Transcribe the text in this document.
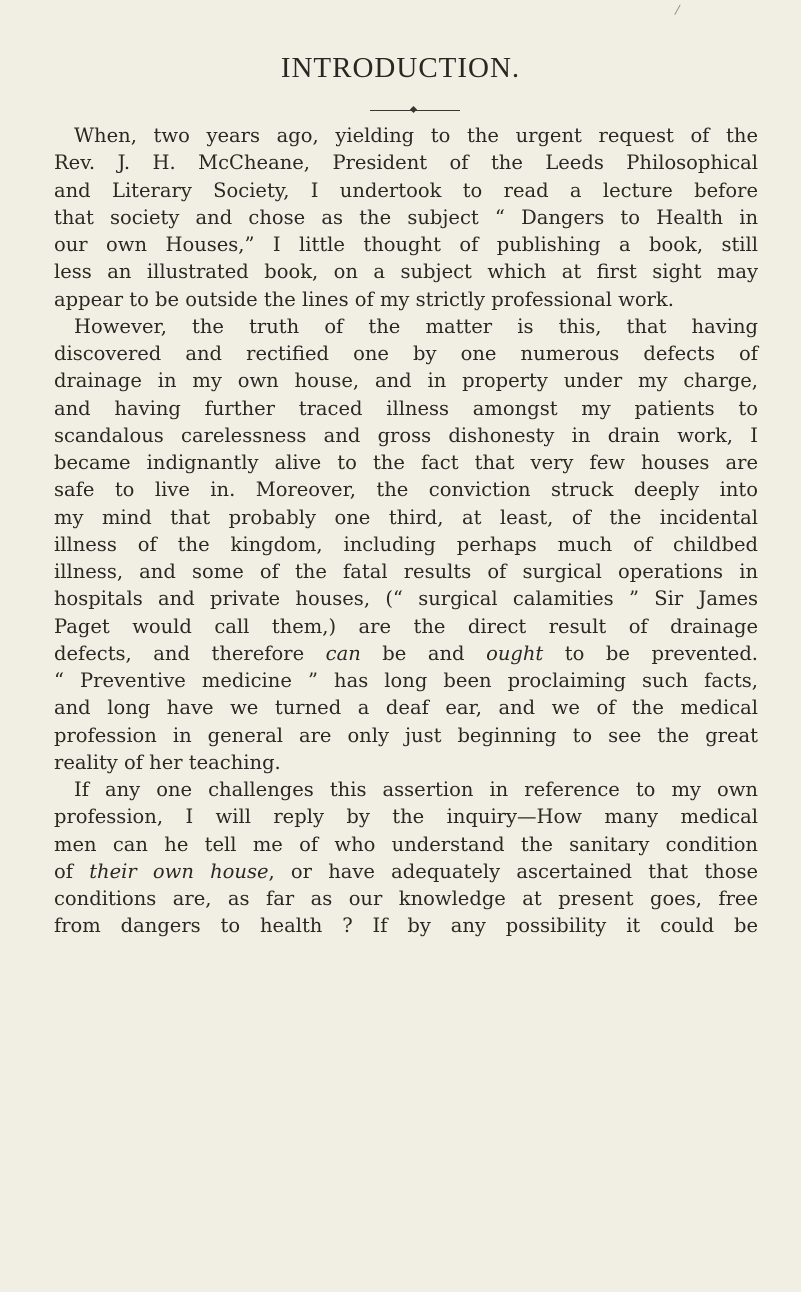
/
INTRODUCTION.
When, two years ago, yielding to the urgent request of the
Rev. J. H. McCheane, President of the Leeds Philosophical
and Literary Society, I undertook to read a lecture before
that society and chose as the subject “ Dangers to Health in
our own Houses,” I little thought of publishing a book, still
less an illustrated book, on a subject which at first sight may
appear to be outside the lines of my strictly professional work.
However, the truth of the matter is this, that having
discovered and rectified one by one numerous defects of
drainage in my own house, and in property under my charge,
and having further traced illness amongst my patients to
scandalous carelessness and gross dishonesty in drain work, I
became indignantly alive to the fact that very few houses are
safe to live in. Moreover, the conviction struck deeply into
my mind that probably one third, at least, of the incidental
illness of the kingdom, including perhaps much of childbed
illness, and some of the fatal results of surgical operations in
hospitals and private houses, (“ surgical calamities ” Sir James
Paget would call them,) are the direct result of drainage
defects, and therefore can be and ought to be prevented.
“ Preventive medicine ” has long been proclaiming such facts,
and long have we turned a deaf ear, and we of the medical
profession in general are only just beginning to see the great
reality of her teaching.
If any one challenges this assertion in reference to my own
profession, I will reply by the inquiry—How many medical
men can he tell me of who understand the sanitary condition
of their own house, or have adequately ascertained that those
conditions are, as far as our knowledge at present goes, free
from dangers to health ? If by any possibility it could be
